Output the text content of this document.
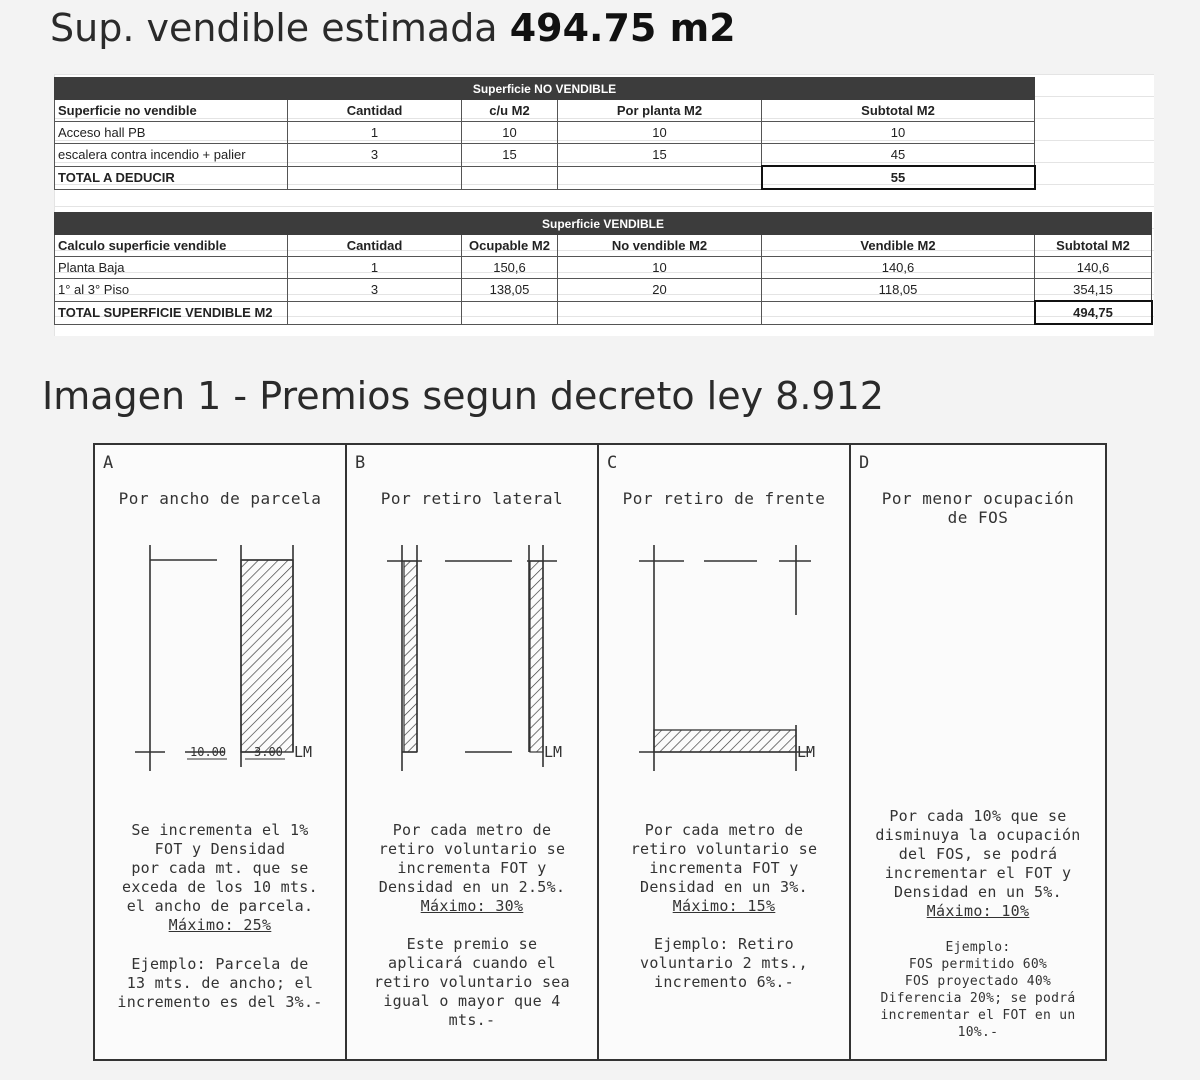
Sup. vendible estimada 494.75 m2
Superficie NO VENDIBLE				
Superficie no vendible	Cantidad	c/u M2	Por planta M2	Subtotal M2
Acceso hall PB	1	10	10	10
escalera contra incendio + palier	3	15	15	45
TOTAL A DEDUCIR				55
Superficie VENDIBLE					
Calculo superficie vendible	Cantidad	Ocupable M2	No vendible M2	Vendible M2	Subtotal M2
Planta Baja	1	150,6	10	140,6	140,6
1° al 3° Piso	3	138,05	20	118,05	354,15
TOTAL SUPERFICIE VENDIBLE M2					494,75
Imagen 1 - Premios segun decreto ley 8.912
A
Por ancho de parcela
10.00 3.00 LM
Se incrementa el 1%
FOT y Densidad
por cada mt. que se
exceda de los 10 mts.
el ancho de parcela.
Máximo: 25%
Ejemplo: Parcela de
13 mts. de ancho; el
incremento es del 3%.-
B
Por retiro lateral
LM
Por cada metro de
retiro voluntario se
incrementa FOT y
Densidad en un 2.5%.
Máximo: 30%
Este premio se
aplicará cuando el
retiro voluntario sea
igual o mayor que 4
mts.-
C
Por retiro de frente
LM
Por cada metro de
retiro voluntario se
incrementa FOT y
Densidad en un 3%.
Máximo: 15%
Ejemplo: Retiro
voluntario 2 mts.,
incremento 6%.-
D
Por menor ocupación
de FOS
Por cada 10% que se
disminuya la ocupación
del FOS, se podrá
incrementar el FOT y
Densidad en un 5%.
Máximo: 10%
Ejemplo:
FOS permitido 60%
FOS proyectado 40%
Diferencia 20%; se podrá
incrementar el FOT en un
10%.-
